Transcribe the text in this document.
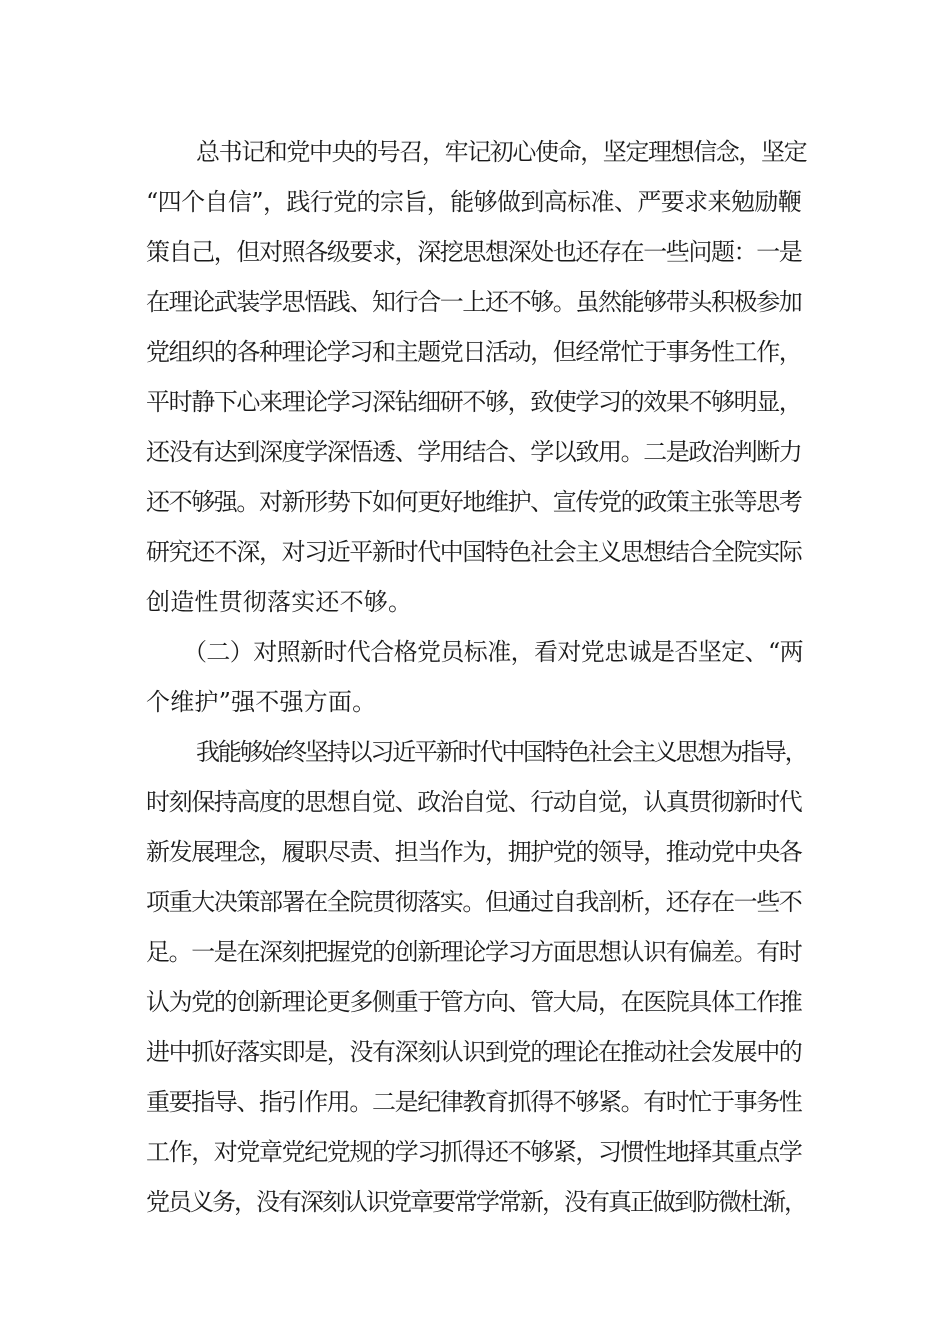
总书记和党中央的号召，牢记初心使命，坚定理想信念，坚定
“四个自信”，践行党的宗旨，能够做到高标准、严要求来勉励鞭
策自己，但对照各级要求，深挖思想深处也还存在一些问题：一是
在理论武装学思悟践、知行合一上还不够。虽然能够带头积极参加
党组织的各种理论学习和主题党日活动，但经常忙于事务性工作，
平时静下心来理论学习深钻细研不够，致使学习的效果不够明显，
还没有达到深度学深悟透、学用结合、学以致用。二是政治判断力
还不够强。对新形势下如何更好地维护、宣传党的政策主张等思考
研究还不深，对习近平新时代中国特色社会主义思想结合全院实际
创造性贯彻落实还不够。
（二）对照新时代合格党员标准，看对党忠诚是否坚定、“两
个维护”强不强方面。
我能够始终坚持以习近平新时代中国特色社会主义思想为指导，
时刻保持高度的思想自觉、政治自觉、行动自觉，认真贯彻新时代
新发展理念，履职尽责、担当作为，拥护党的领导，推动党中央各
项重大决策部署在全院贯彻落实。但通过自我剖析，还存在一些不
足。一是在深刻把握党的创新理论学习方面思想认识有偏差。有时
认为党的创新理论更多侧重于管方向、管大局，在医院具体工作推
进中抓好落实即是，没有深刻认识到党的理论在推动社会发展中的
重要指导、指引作用。二是纪律教育抓得不够紧。有时忙于事务性
工作，对党章党纪党规的学习抓得还不够紧，习惯性地择其重点学
党员义务，没有深刻认识党章要常学常新，没有真正做到防微杜渐，
